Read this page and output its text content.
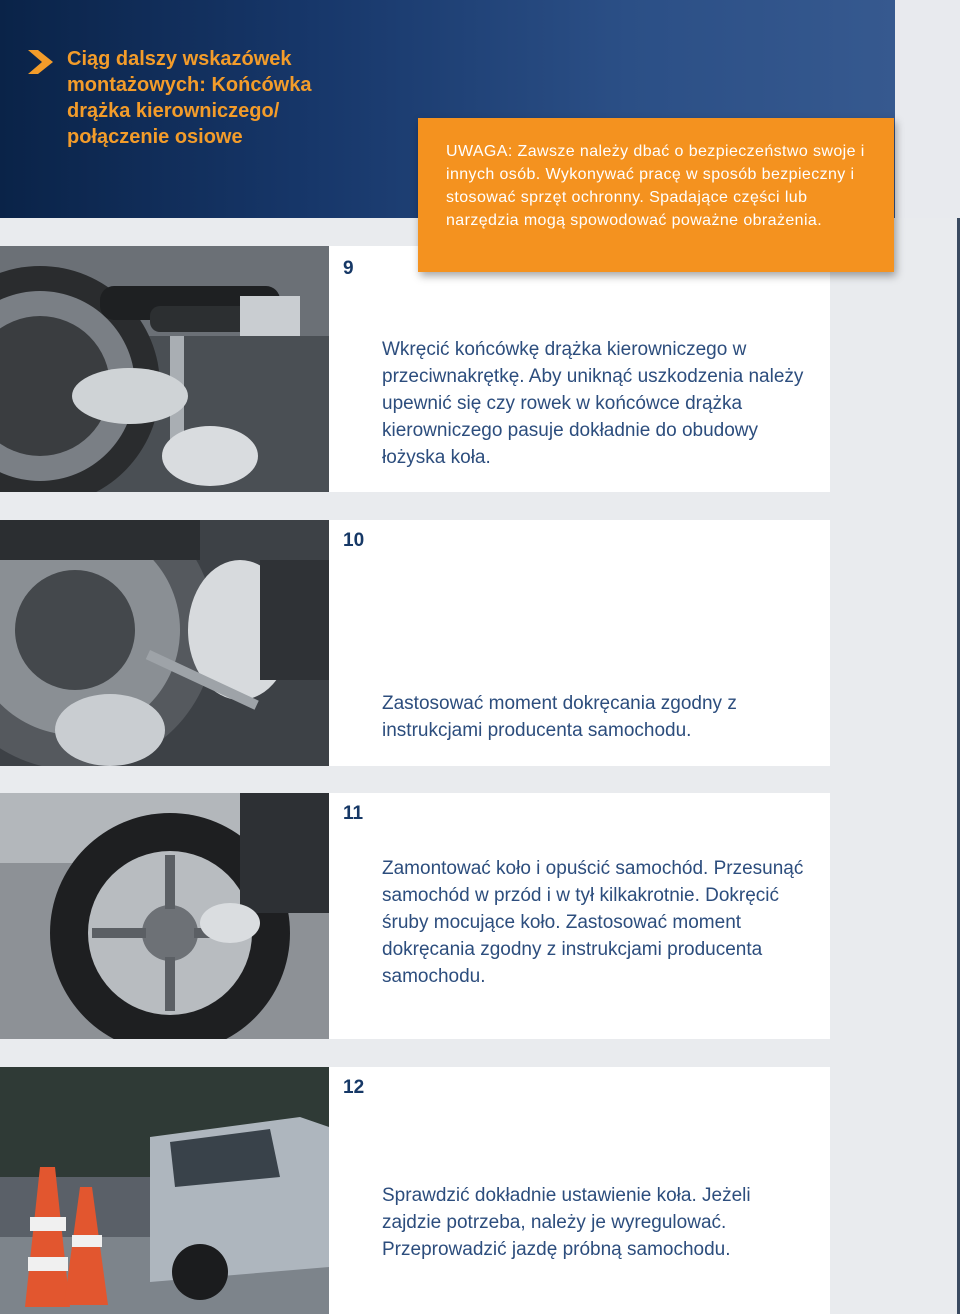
Ciąg dalszy wskazówek montażowych: Końcówka drążka kierowniczego/ połączenie osiowe
9

Wkręcić końcówkę drążka kierowniczego w przeciwnakrętkę. Aby uniknąć uszkodzenia należy upewnić się czy rowek w końcówce drążka kierowniczego pasuje dokładnie do obudowy łożyska koła.

UWAGA: Zawsze należy dbać o bezpieczeństwo swoje i innych osób. Wykonywać pracę w sposób bezpieczny i stosować sprzęt ochronny. Spadające części lub narzędzia mogą spowodować poważne obrażenia.

10

Zastosować moment dokręcania zgodny z instrukcjami producenta samochodu.

11

Zamontować koło i opuścić samochód. Przesunąć samochód w przód i w tył kilkakrotnie. Dokręcić śruby mocujące koło. Zastosować moment dokręcania zgodny z instrukcjami producenta samochodu.

12

Sprawdzić dokładnie ustawienie koła. Jeżeli zajdzie potrzeba, należy je wyregulować. Przeprowadzić jazdę próbną samochodu.
